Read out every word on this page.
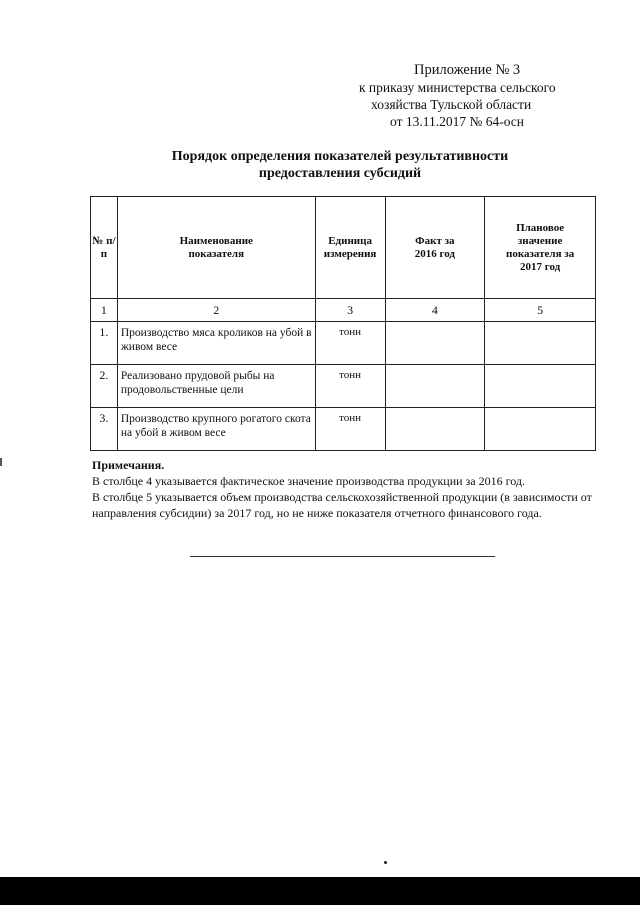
Приложение № 3
к приказу министерства сельского
хозяйства Тульской области
от 13.11.2017 № 64-осн
Порядок определения показателей результативности
предоставления субсидий
№ п/п	Наименование показателя	Единица измерения	Факт за 2016 год	Плановое значение показателя за 2017 год
1	2	3	4	5
1.	Производство мяса кроликов на убой в живом весе	тонн		
2.	Реализовано прудовой рыбы на продовольственные цели	тонн		
3.	Производство крупного рогатого скота на убой в живом весе	тонн		
Примечания.
В столбце 4 указывается фактическое значение производства продукции за 2016 год.
В столбце 5 указывается объем производства сельскохозяйственной продукции (в зависимости от направления субсидии) за 2017 год, но не ниже показателя отчетного финансового года.
